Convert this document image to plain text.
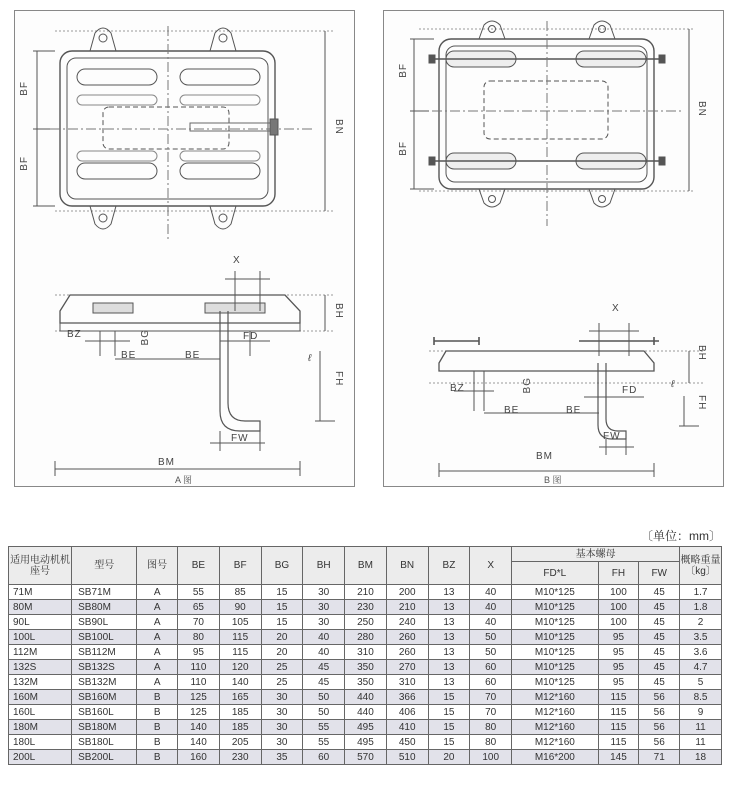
BF
BF
BN
X
BH
BZ	BG	FD
BE	BE	ℓ
FH
FW
BM
A 图
BF
BF
BN
X
BH
BZ	BG	FD
BE	BE
ℓ
FH
FW
BM
B 图
〔单位：mm〕
适用电动机机座号	型号	图号	BE	BF	BG	BH	BM	BN	BZ	X	基本螺母			概略重量〔kg〕
											FD*L	FH	FW	
71M	SB71M	A	55	85	15	30	210	200	13	40	M10*125	100	45	1.7
80M	SB80M	A	65	90	15	30	230	210	13	40	M10*125	100	45	1.8
90L	SB90L	A	70	105	15	30	250	240	13	40	M10*125	100	45	2
100L	SB100L	A	80	115	20	40	280	260	13	50	M10*125	95	45	3.5
112M	SB112M	A	95	115	20	40	310	260	13	50	M10*125	95	45	3.6
132S	SB132S	A	110	120	25	45	350	270	13	60	M10*125	95	45	4.7
132M	SB132M	A	110	140	25	45	350	310	13	60	M10*125	95	45	5
160M	SB160M	B	125	165	30	50	440	366	15	70	M12*160	115	56	8.5
160L	SB160L	B	125	185	30	50	440	406	15	70	M12*160	115	56	9
180M	SB180M	B	140	185	30	55	495	410	15	80	M12*160	115	56	11
180L	SB180L	B	140	205	30	55	495	450	15	80	M12*160	115	56	11
200L	SB200L	B	160	230	35	60	570	510	20	100	M16*200	145	71	18
